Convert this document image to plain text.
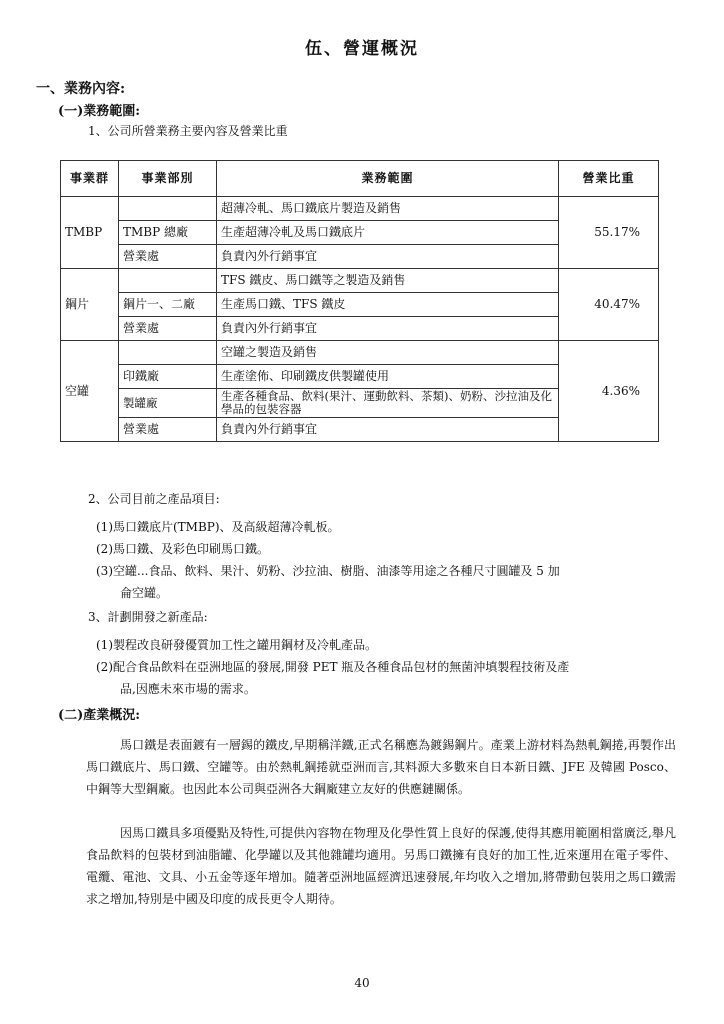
伍、營運概況
一、業務內容:
(一)業務範圍:
1、公司所營業務主要內容及營業比重
事業群	事業部別	業務範圍	營業比重
TMBP		超薄冷軋、馬口鐵底片製造及銷售	55.17%
	TMBP 總廠	生產超薄冷軋及馬口鐵底片	
	營業處	負責內外行銷事宜	
鋼片		TFS 鐵皮、馬口鐵等之製造及銷售	40.47%
	鋼片一、二廠	生產馬口鐵、TFS 鐵皮	
	營業處	負責內外行銷事宜	
空罐		空罐之製造及銷售	4.36%
	印鐵廠	生產塗佈、印刷鐵皮供製罐使用	
	製罐廠	生產各種食品、飲料(果汁、運動飲料、茶類)、奶粉、沙拉油及化學品的包裝容器	
	營業處	負責內外行銷事宜	
2、公司目前之產品項目:
(1)馬口鐵底片(TMBP)、及高級超薄冷軋板。
(2)馬口鐵、及彩色印刷馬口鐵。
(3)空罐...食品、飲料、果汁、奶粉、沙拉油、樹脂、油漆等用途之各種尺寸圓罐及 5 加
侖空罐。
3、計劃開發之新產品:
(1)製程改良研發優質加工性之罐用鋼材及冷軋產品。
(2)配合食品飲料在亞洲地區的發展,開發 PET 瓶及各種食品包材的無菌沖填製程技術及產
品,因應未來市場的需求。
(二)產業概況:

馬口鐵是表面鍍有一層錫的鐵皮,早期稱洋鐵,正式名稱應為鍍錫鋼片。產業上游材料為熱軋鋼捲,再製作出馬口鐵底片、馬口鐵、空罐等。由於熱軋鋼捲就亞洲而言,其料源大多數來自日本新日鐵、JFE 及韓國 Posco、中鋼等大型鋼廠。也因此本公司與亞洲各大鋼廠建立友好的供應鏈關係。

因馬口鐵具多項優點及特性,可提供內容物在物理及化學性質上良好的保護,使得其應用範圍相當廣泛,舉凡食品飲料的包裝材到油脂罐、化學罐以及其他雜罐均適用。另馬口鐵擁有良好的加工性,近來運用在電子零件、電纜、電池、文具、小五金等逐年增加。隨著亞洲地區經濟迅速發展,年均收入之增加,將帶動包裝用之馬口鐵需求之增加,特別是中國及印度的成長更令人期待。

40
